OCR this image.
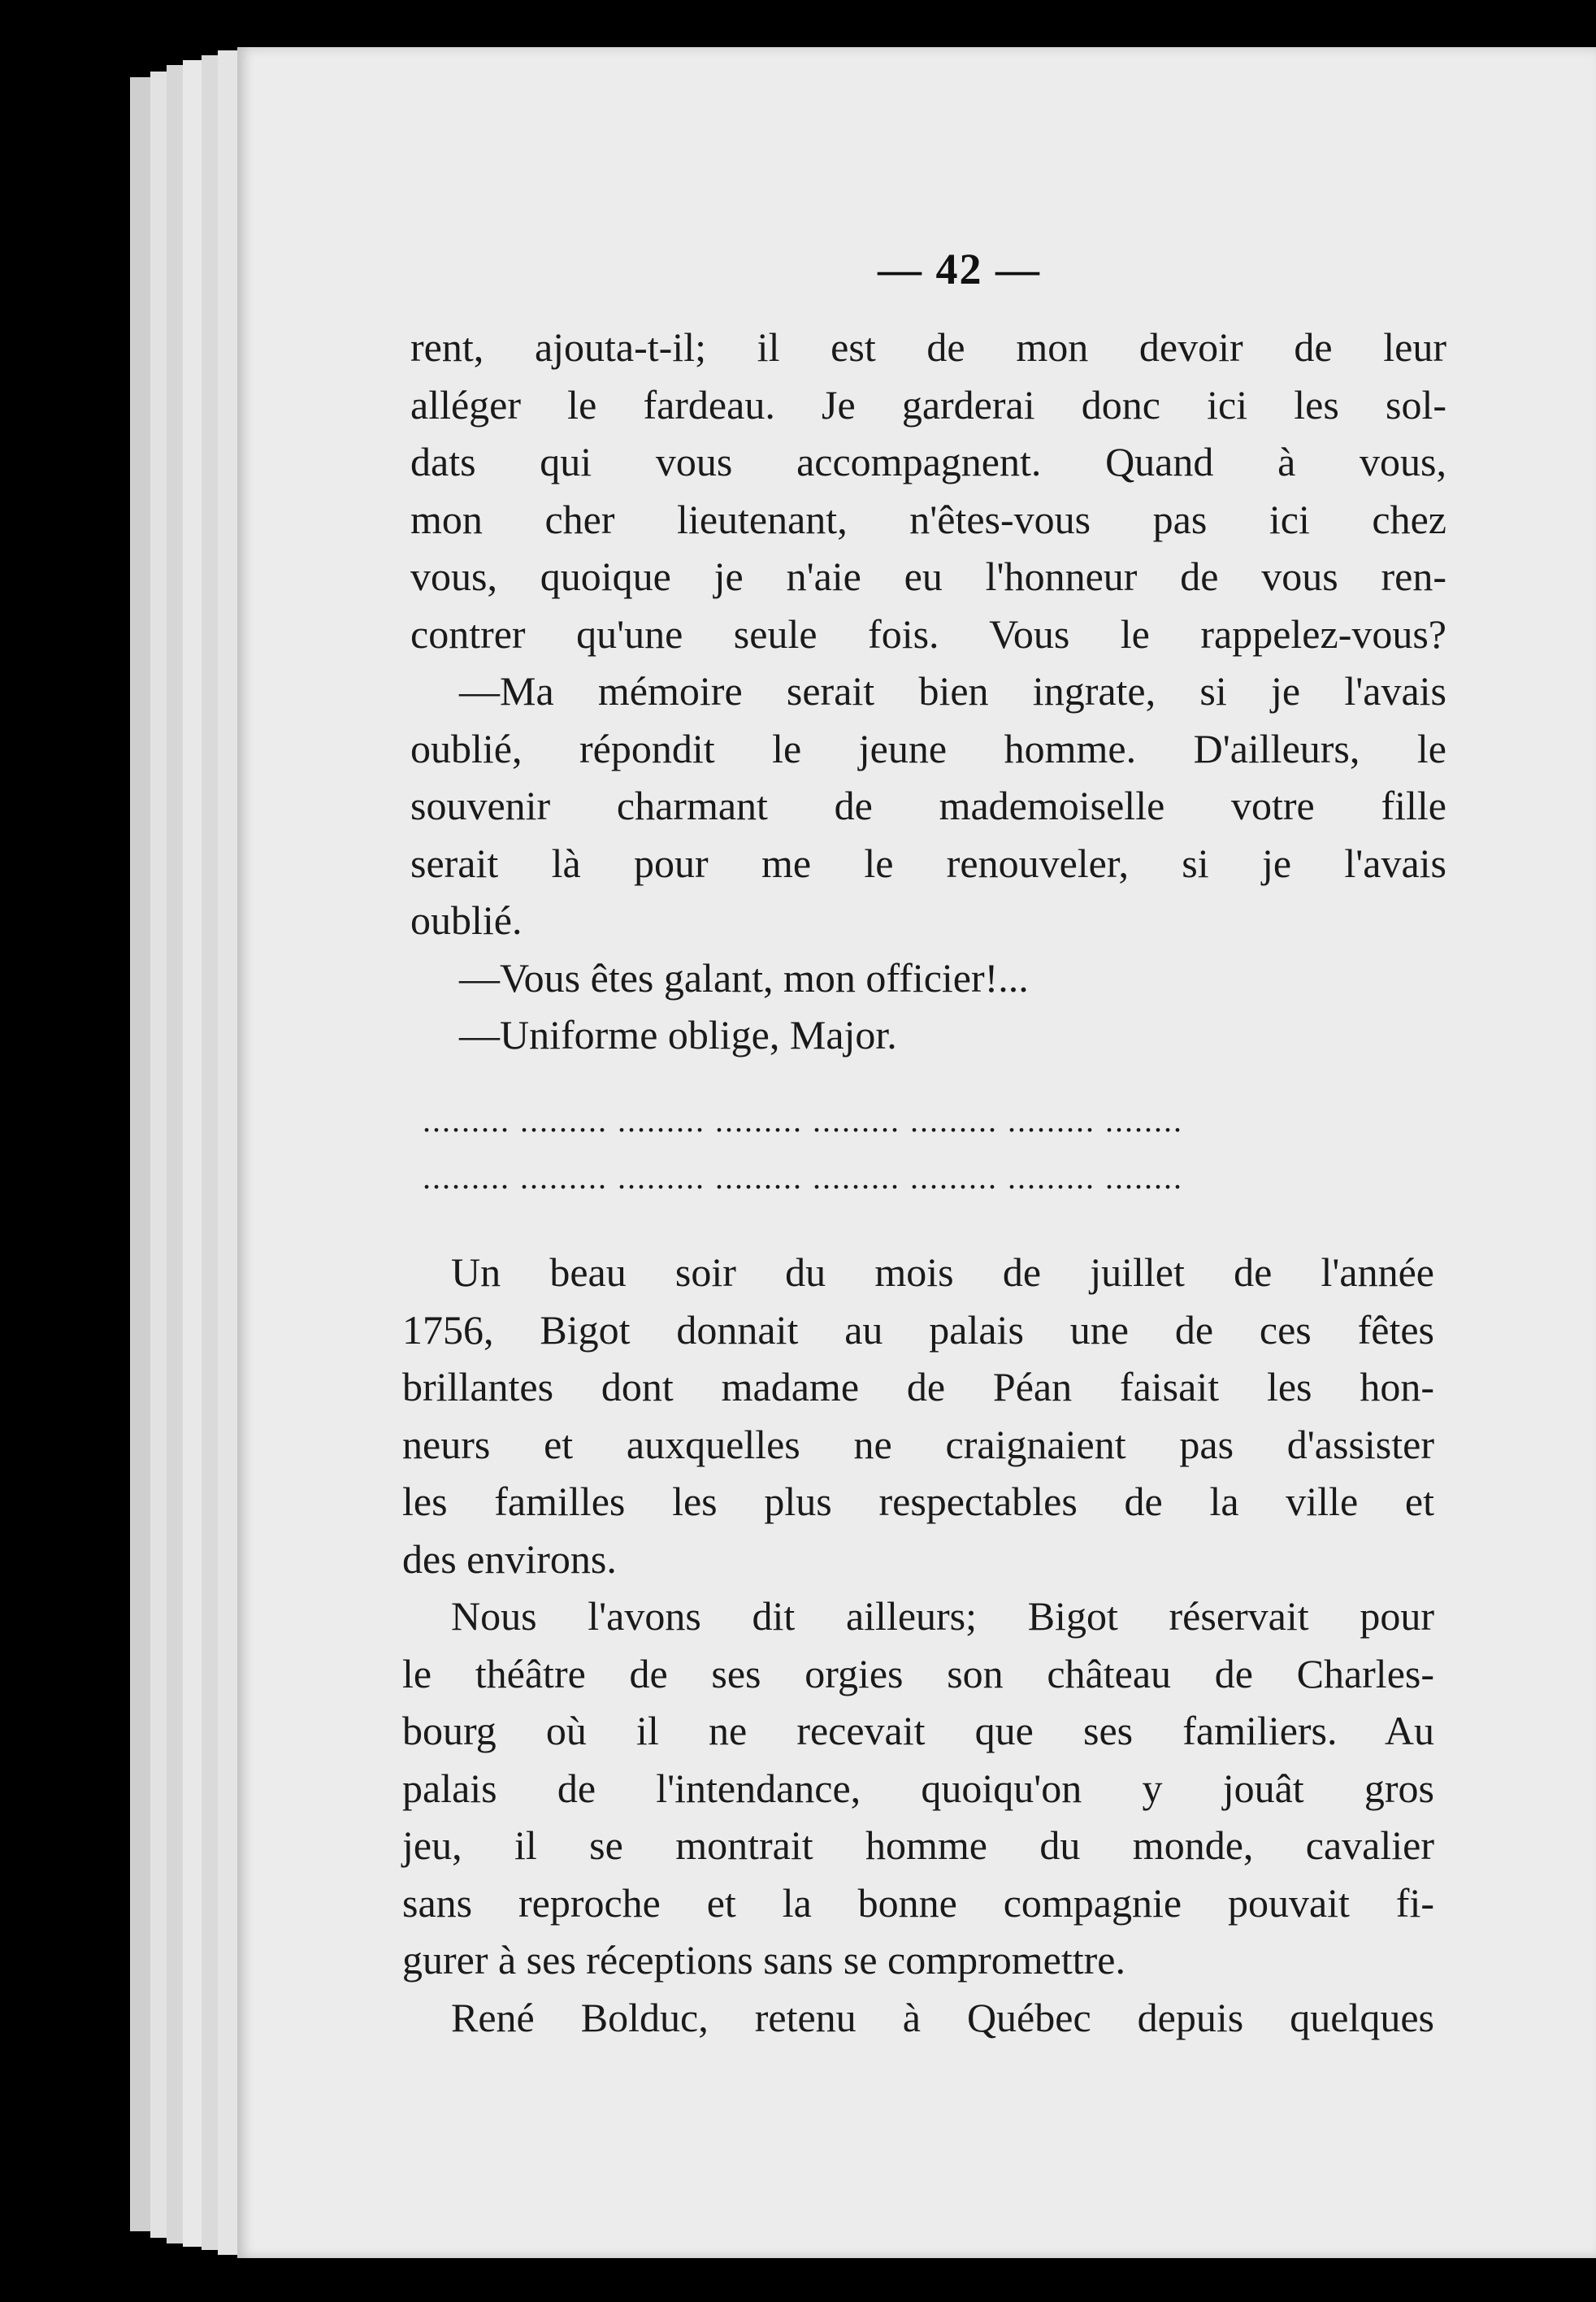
— 42 —
rent, ajouta-t-il; il est de mon devoir de leur
alléger le fardeau. Je garderai donc ici les sol-
dats qui vous accompagnent. Quand à vous,
mon cher lieutenant, n'êtes-vous pas ici chez
vous, quoique je n'aie eu l'honneur de vous ren-
contrer qu'une seule fois. Vous le rappelez-vous?
—Ma mémoire serait bien ingrate, si je l'avais
oublié, répondit le jeune homme. D'ailleurs, le
souvenir charmant de mademoiselle votre fille
serait là pour me le renouveler, si je l'avais
oublié.
—Vous êtes galant, mon officier!...
—Uniforme oblige, Major.
......... ......... ......... ......... ......... ......... ......... ........
......... ......... ......... ......... ......... ......... ......... ........
Un beau soir du mois de juillet de l'année
1756, Bigot donnait au palais une de ces fêtes
brillantes dont madame de Péan faisait les hon-
neurs et auxquelles ne craignaient pas d'assister
les familles les plus respectables de la ville et
des environs.
Nous l'avons dit ailleurs; Bigot réservait pour
le théâtre de ses orgies son château de Charles-
bourg où il ne recevait que ses familiers. Au
palais de l'intendance, quoiqu'on y jouât gros
jeu, il se montrait homme du monde, cavalier
sans reproche et la bonne compagnie pouvait fi-
gurer à ses réceptions sans se compromettre.
René Bolduc, retenu à Québec depuis quelques
